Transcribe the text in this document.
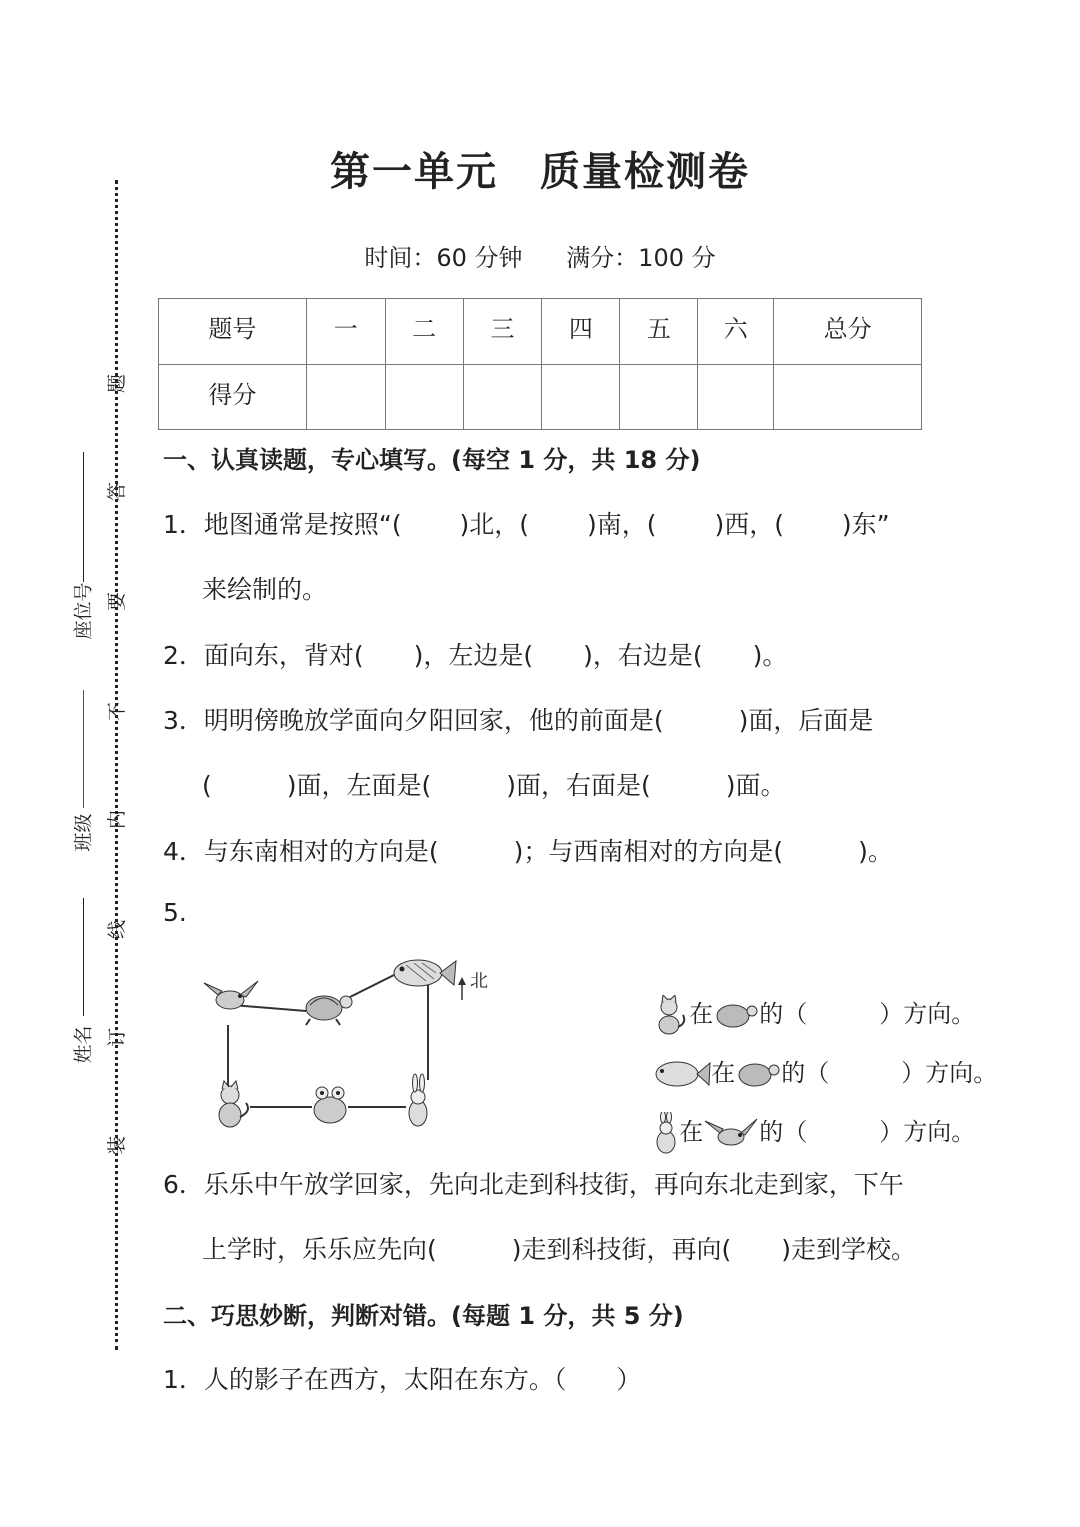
题
答
要
不
内
线
订
装
座位号
班级
姓名
第一单元　质量检测卷
时间：60 分钟 满分：100 分
题号	一	二	三	四	五	六	总分
得分							
一、认真读题，专心填写。(每空 1 分，共 18 分)
1．地图通常是按照“(　　 )北，(　　 )南，(　　 )西，(　　 )东”
来绘制的。
2．面向东，背对(　　)，左边是(　　)，右边是(　　)。
3．明明傍晚放学面向夕阳回家，他的前面是(　　　)面，后面是
(　　　)面，左面是(　　　)面，右面是(　　　)面。
4．与东南相对的方向是(　　　)；与西南相对的方向是(　　　)。
5.
北

在 的（　　　）方向。

在 的（　　　）方向。

在 的（　　　）方向。

6．乐乐中午放学回家，先向北走到科技街，再向东北走到家，下午
上学时，乐乐应先向(　　　)走到科技街，再向(　　)走到学校。
二、巧思妙断，判断对错。(每题 1 分，共 5 分)
1．人的影子在西方，太阳在东方。（　　）
